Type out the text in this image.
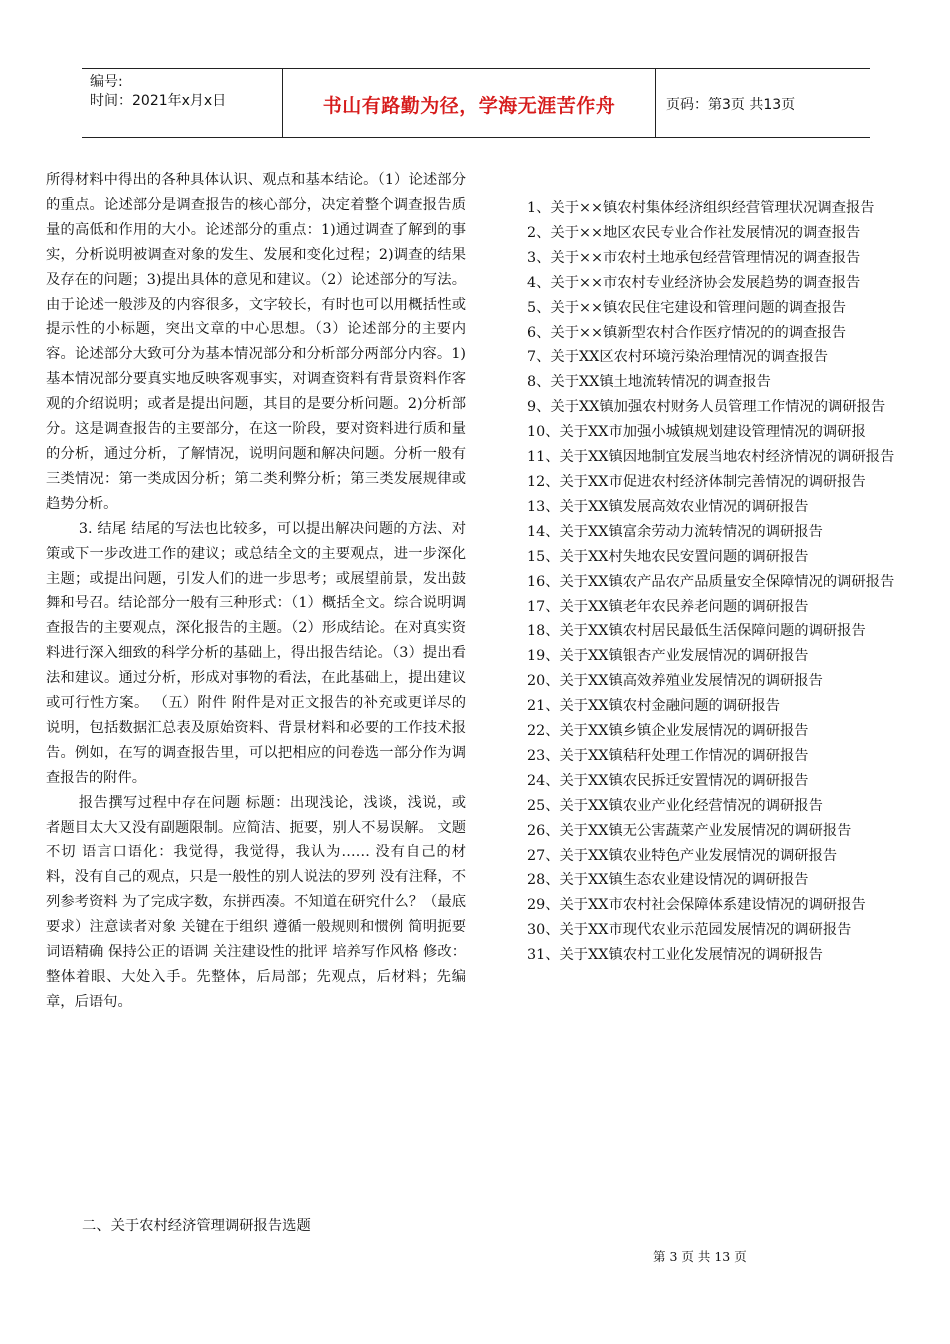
编号:
时间：2021年x月x日	书山有路勤为径，学海无涯苦作舟	页码：第3页 共13页

所得材料中得出的各种具体认识、观点和基本结论。（1）论述部分的重点。论述部分是调查报告的核心部分，决定着整个调查报告质量的高低和作用的大小。论述部分的重点：1)通过调查了解到的事实，分析说明被调查对象的发生、发展和变化过程；2)调查的结果及存在的问题；3)提出具体的意见和建议。（2）论述部分的写法。由于论述一般涉及的内容很多，文字较长，有时也可以用概括性或提示性的小标题，突出文章的中心思想。（3）论述部分的主要内容。论述部分大致可分为基本情况部分和分析部分两部分内容。1)基本情况部分要真实地反映客观事实，对调查资料有背景资料作客观的介绍说明；或者是提出问题，其目的是要分析问题。2)分析部分。这是调查报告的主要部分，在这一阶段，要对资料进行质和量的分析，通过分析，了解情况，说明问题和解决问题。分析一般有三类情况：第一类成因分析；第二类利弊分析；第三类发展规律或趋势分析。

3. 结尾 结尾的写法也比较多，可以提出解决问题的方法、对策或下一步改进工作的建议；或总结全文的主要观点，进一步深化主题；或提出问题，引发人们的进一步思考；或展望前景，发出鼓舞和号召。结论部分一般有三种形式：（1）概括全文。综合说明调查报告的主要观点，深化报告的主题。（2）形成结论。在对真实资料进行深入细致的科学分析的基础上，得出报告结论。（3）提出看法和建议。通过分析，形成对事物的看法，在此基础上，提出建议或可行性方案。 （五）附件 附件是对正文报告的补充或更详尽的说明，包括数据汇总表及原始资料、背景材料和必要的工作技术报告。例如，在写的调查报告里，可以把相应的问卷选一部分作为调查报告的附件。

报告撰写过程中存在问题 标题：出现浅论，浅谈，浅说，或者题目太大又没有副题限制。应简洁、扼要，别人不易误解。 文题不切 语言口语化：我觉得，我觉得，我认为…… 没有自己的材料，没有自己的观点，只是一般性的别人说法的罗列 没有注释，不列参考资料 为了完成字数，东拼西凑。不知道在研究什么？（最底要求）注意读者对象 关键在于组织 遵循一般规则和惯例 简明扼要 词语精确 保持公正的语调 关注建设性的批评 培养写作风格 修改：整体着眼、大处入手。先整体，后局部；先观点，后材料；先编章，后语句。

二、关于农村经济管理调研报告选题

1、关于××镇农村集体经济组织经营管理状况调查报告

2、关于××地区农民专业合作社发展情况的调查报告

3、关于××市农村土地承包经营管理情况的调查报告

4、关于××市农村专业经济协会发展趋势的调查报告

5、关于××镇农民住宅建设和管理问题的调查报告

6、关于××镇新型农村合作医疗情况的的调查报告

7、关于XX区农村环境污染治理情况的调查报告

8、关于XX镇土地流转情况的调查报告

9、关于XX镇加强农村财务人员管理工作情况的调研报告

10、关于XX市加强小城镇规划建设管理情况的调研报

11、关于XX镇因地制宜发展当地农村经济情况的调研报告

12、关于XX市促进农村经济体制完善情况的调研报告

13、关于XX镇发展高效农业情况的调研报告

14、关于XX镇富余劳动力流转情况的调研报告

15、关于XX村失地农民安置问题的调研报告

16、关于XX镇农产品农产品质量安全保障情况的调研报告

17、关于XX镇老年农民养老问题的调研报告

18、关于XX镇农村居民最低生活保障问题的调研报告

19、关于XX镇银杏产业发展情况的调研报告

20、关于XX镇高效养殖业发展情况的调研报告

21、关于XX镇农村金融问题的调研报告

22、关于XX镇乡镇企业发展情况的调研报告

23、关于XX镇秸秆处理工作情况的调研报告

24、关于XX镇农民拆迁安置情况的调研报告

25、关于XX镇农业产业化经营情况的调研报告

26、关于XX镇无公害蔬菜产业发展情况的调研报告

27、关于XX镇农业特色产业发展情况的调研报告

28、关于XX镇生态农业建设情况的调研报告

29、关于XX市农村社会保障体系建设情况的调研报告

30、关于XX市现代农业示范园发展情况的调研报告

31、关于XX镇农村工业化发展情况的调研报告

第 3 页 共 13 页
